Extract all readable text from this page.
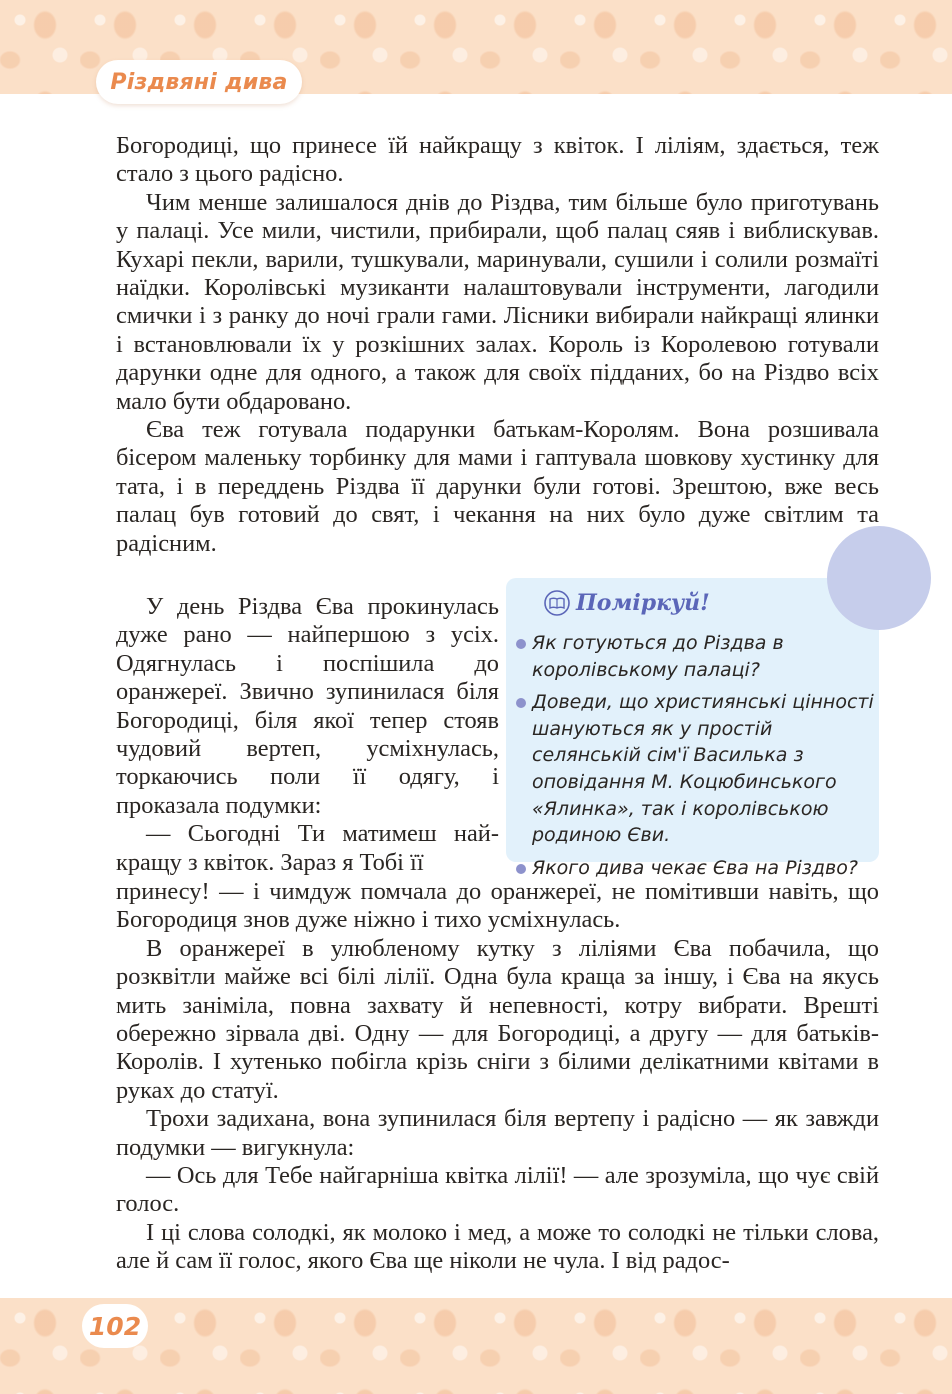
Різдвяні дива

Богородиці, що принесе їй найкращу з квіток. І ліліям, здається, теж стало з цього радісно.

Чим менше залишалося днів до Різдва, тим більше було приготувань у палаці. Усе мили, чистили, прибирали, щоб палац сяяв і виблискував. Кухарі пекли, варили, тушкували, маринували, сушили і солили розмаїті наїдки. Королівські музиканти налаштовували інструменти, лагодили смички і з ранку до ночі грали гами. Лісники вибирали найкращі ялинки і встановлювали їх у розкішних залах. Король із Королевою готували дарунки одне для одного, а також для своїх підданих, бо на Різдво всіх мало бути обдаровано.

Єва теж готувала подарунки батькам-Королям. Вона розшивала бісером маленьку торбинку для мами і гаптувала шовкову хустинку для тата, і в переддень Різдва її дарунки були готові. Зрештою, вже весь палац був готовий до свят, і чекання на них було дуже світлим та радісним.

У день Різдва Єва прокинулась дуже рано — найпершою з усіх. Одягнулась і поспішила до оранжереї. Звично зупинилася біля Богородиці, біля якої тепер стояв чудовий вертеп, усміхнулась, торкаючись поли її одягу, і проказала подумки:

— Сьогодні Ти матимеш найкращу з квіток. Зараз я Тобі її

принесу! — і чимдуж помчала до оранжереї, не помітивши навіть, що Богородиця знов дуже ніжно і тихо усміхнулась.

В оранжереї в улюбленому кутку з ліліями Єва побачила, що розквітли майже всі білі лілії. Одна була краща за іншу, і Єва на якусь мить заніміла, повна захвату й непевності, котру вибрати. Врешті обережно зірвала дві. Одну — для Богородиці, а другу — для батьків-Королів. І хутенько побігла крізь сніги з білими делікатними квітами в руках до статуї.

Трохи задихана, вона зупинилася біля вертепу і радісно — як завжди подумки — вигукнула:

— Ось для Тебе найгарніша квітка лілії! — але зрозуміла, що чує свій голос.

І ці слова солодкі, як молоко і мед, а може то солодкі не тільки слова, але й сам її голос, якого Єва ще ніколи не чула. І від радос-

Поміркуй!
Як готуються до Різдва в королівському палаці?
Доведи, що християнські цінності шануються як у простій селянській сім'ї Василька з оповідання М. Коцюбинського «Ялинка», так і королівською родиною Єви.
Якого дива чекає Єва на Різдво?
102
